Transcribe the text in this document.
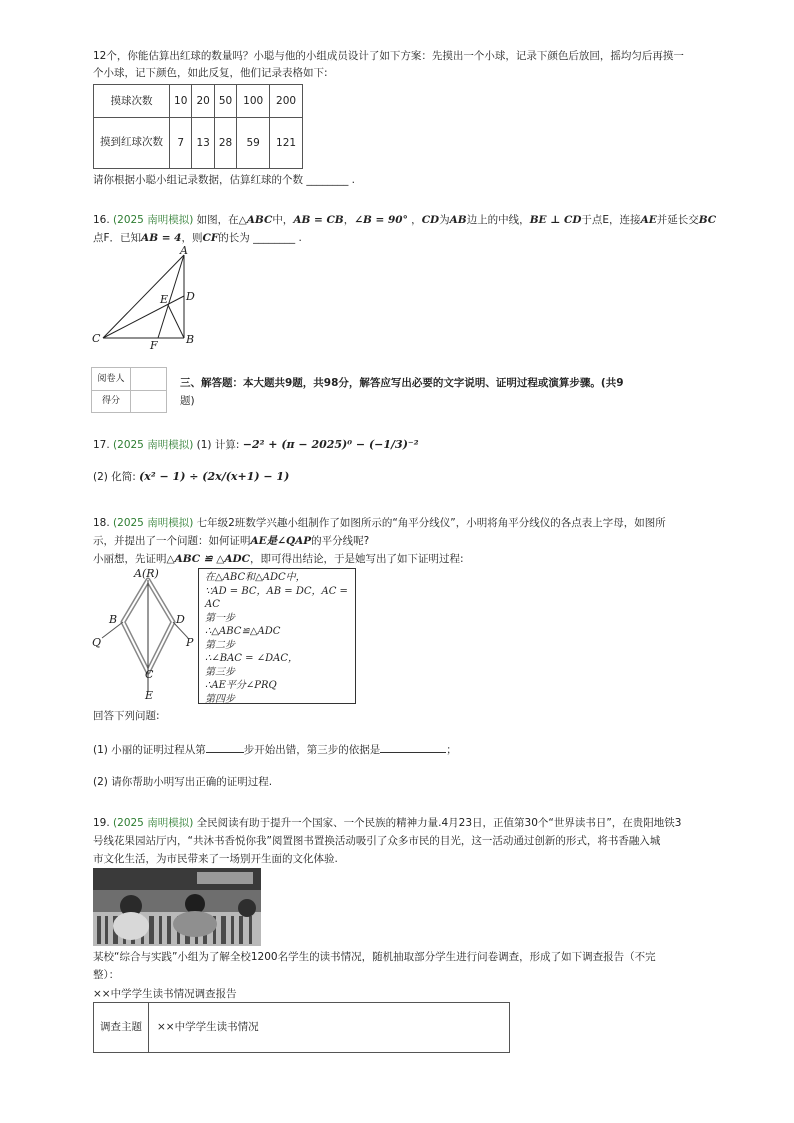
12个，你能估算出红球的数量吗？小聪与他的小组成员设计了如下方案：先摸出一个小球，记录下颜色后放回，摇均匀后再摸一个小球，记下颜色，如此反复，他们记录表格如下:
摸球次数	10	20	50	100	200
摸到红球次数	7	13	28	59	121
请你根据小聪小组记录数据，估算红球的个数 ________ .
16. (2025 南明模拟) 如图，在△ABC中，AB = CB，∠B = 90° ，CD为AB边上的中线，BE ⊥ CD于点E，连接AE并延长交BC
点F．已知AB = 4，则CF的长为 ________ .
A
D
E
C	B
F
阅卷人	
得分	
三、解答题：本大题共9题，共98分，解答应写出必要的文字说明、证明过程或演算步骤。(共9
题)
17. (2025 南明模拟) (1) 计算: −2² + (π − 2025)⁰ − (−1/3)⁻²
(2) 化简: (x² − 1) ÷ (2x/(x+1) − 1)
18. (2025 南明模拟) 七年级2班数学兴趣小组制作了如图所示的“角平分线仪”，小明将角平分线仪的各点表上字母，如图所
示，并提出了一个问题：如何证明AE是∠QAP的平分线呢?
小丽想，先证明△ABC ≌ △ADC，即可得出结论，于是她写出了如下证明过程:
A(R)
B	D
Q	P
C
E
在△ABC和△ADC中，
∵AD = BC，AB = DC，AC = AC
第一步
∴△ABC≌△ADC
第二步
∴∠BAC = ∠DAC，
第三步
∴AE平分∠PRQ
第四步
回答下列问题:
(1) 小丽的证明过程从第	步开始出错，第三步的依据是	；
(2) 请你帮助小明写出正确的证明过程.
19. (2025 南明模拟) 全民阅读有助于提升一个国家、一个民族的精神力量.4月23日，正值第30个“世界读书日”，在贵阳地铁3
号线花果园站厅内，“共沐书香悦你我”阅置图书置换活动吸引了众多市民的目光，这一活动通过创新的形式，将书香融入城
市文化生活，为市民带来了一场别开生面的文化体验.
某校“综合与实践”小组为了解全校1200名学生的读书情况，随机抽取部分学生进行问卷调查，形成了如下调查报告（不完
整）：
××中学学生读书情况调查报告
调查主题	××中学学生读书情况
